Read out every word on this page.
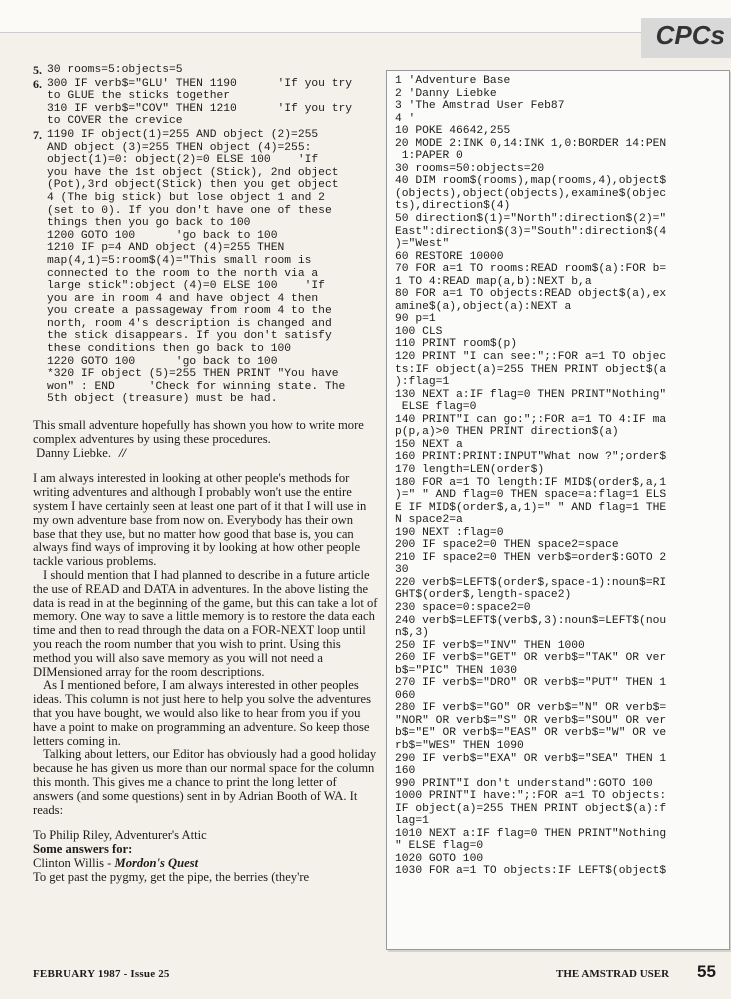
CPCs
5. 30 rooms=5:objects=5
6. 300 IF verb$="GLU' THEN 1190      'If you try
to GLUE the sticks together
310 IF verb$="COV" THEN 1210      'If you try
to COVER the crevice
7. 1190 IF object(1)=255 AND object (2)=255
AND object (3)=255 THEN object (4)=255:
object(1)=0: object(2)=0 ELSE 100    'If
you have the 1st object (Stick), 2nd object
(Pot),3rd object(Stick) then you get object
4 (The big stick) but lose object 1 and 2
(set to 0). If you don't have one of these
things then you go back to 100
1200 GOTO 100      'go back to 100
1210 IF p=4 AND object (4)=255 THEN
map(4,1)=5:room$(4)="This small room is
connected to the room to the north via a
large stick":object (4)=0 ELSE 100    'If
you are in room 4 and have object 4 then
you create a passageway from room 4 to the
north, room 4's description is changed and
the stick disappears. If you don't satisfy
these conditions then go back to 100
1220 GOTO 100      'go back to 100
*320 IF object (5)=255 THEN PRINT "You have
won" : END     'Check for winning state. The
5th object (treasure) must be had.

This small adventure hopefully has shown you how to write more complex adventures by using these procedures.

Danny Liebke. //

I am always interested in looking at other people's methods for writing adventures and although I probably won't use the entire system I have certainly seen at least one part of it that I will use in my own adventure base from now on. Everybody has their own base that they use, but no matter how good that base is, you can always find ways of improving it by looking at how other people tackle various problems.

I should mention that I had planned to describe in a future article the use of READ and DATA in adventures. In the above listing the data is read in at the beginning of the game, but this can take a lot of memory. One way to save a little memory is to restore the data each time and then to read through the data on a FOR-NEXT loop until you reach the room number that you wish to print. Using this method you will also save memory as you will not need a DIMensioned array for the room descriptions.

As I mentioned before, I am always interested in other peoples ideas. This column is not just here to help you solve the adventures that you have bought, we would also like to hear from you if you have a point to make on programming an adventure. So keep those letters coming in.

Talking about letters, our Editor has obviously had a good holiday because he has given us more than our normal space for the column this month. This gives me a chance to print the long letter of answers (and some questions) sent in by Adrian Booth of WA. It reads:

To Philip Riley, Adventurer's Attic

Some answers for:

Clinton Willis - Mordon's Quest

To get past the pygmy, get the pipe, the berries (they're

1 'Adventure Base
2 'Danny Liebke
3 'The Amstrad User Feb87
4 '
10 POKE 46642,255
20 MODE 2:INK 0,14:INK 1,0:BORDER 14:PEN
1:PAPER 0
30 rooms=50:objects=20
40 DIM room$(rooms),map(rooms,4),object$
(objects),object(objects),examine$(objec
ts),direction$(4)
50 direction$(1)="North":direction$(2)="
East":direction$(3)="South":direction$(4
)="West"
60 RESTORE 10000
70 FOR a=1 TO rooms:READ room$(a):FOR b=
1 TO 4:READ map(a,b):NEXT b,a
80 FOR a=1 TO objects:READ object$(a),ex
amine$(a),object(a):NEXT a
90 p=1
100 CLS
110 PRINT room$(p)
120 PRINT "I can see:";:FOR a=1 TO objec
ts:IF object(a)=255 THEN PRINT object$(a
):flag=1
130 NEXT a:IF flag=0 THEN PRINT"Nothing"
ELSE flag=0
140 PRINT"I can go:";:FOR a=1 TO 4:IF ma
p(p,a)>0 THEN PRINT direction$(a)
150 NEXT a
160 PRINT:PRINT:INPUT"What now ?";order$
170 length=LEN(order$)
180 FOR a=1 TO length:IF MID$(order$,a,1
)=" " AND flag=0 THEN space=a:flag=1 ELS
E IF MID$(order$,a,1)=" " AND flag=1 THE
N space2=a
190 NEXT :flag=0
200 IF space2=0 THEN space2=space
210 IF space2=0 THEN verb$=order$:GOTO 2
30
220 verb$=LEFT$(order$,space-1):noun$=RI
GHT$(order$,length-space2)
230 space=0:space2=0
240 verb$=LEFT$(verb$,3):noun$=LEFT$(nou
n$,3)
250 IF verb$="INV" THEN 1000
260 IF verb$="GET" OR verb$="TAK" OR ver
b$="PIC" THEN 1030
270 IF verb$="DRO" OR verb$="PUT" THEN 1
060
280 IF verb$="GO" OR verb$="N" OR verb$=
"NOR" OR verb$="S" OR verb$="SOU" OR ver
b$="E" OR verb$="EAS" OR verb$="W" OR ve
rb$="WES" THEN 1090
290 IF verb$="EXA" OR verb$="SEA" THEN 1
160
990 PRINT"I don't understand":GOTO 100
1000 PRINT"I have:";:FOR a=1 TO objects:
IF object(a)=255 THEN PRINT object$(a):f
lag=1
1010 NEXT a:IF flag=0 THEN PRINT"Nothing
" ELSE flag=0
1020 GOTO 100
1030 FOR a=1 TO objects:IF LEFT$(object$
FEBRUARY 1987 - Issue 25	THE AMSTRAD USER 55
